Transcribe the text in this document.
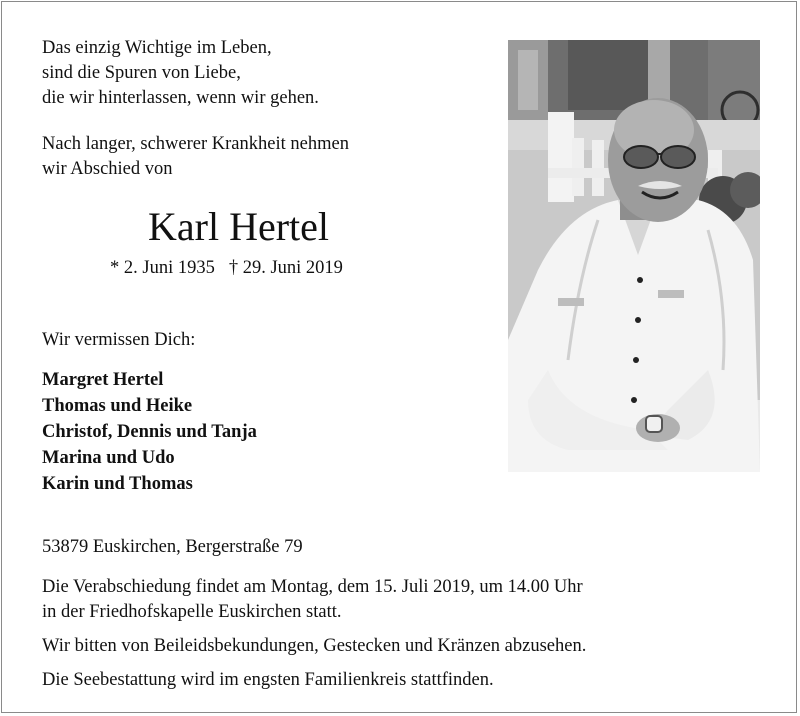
Das einzig Wichtige im Leben,
sind die Spuren von Liebe,
die wir hinterlassen, wenn wir gehen.
Nach langer, schwerer Krankheit nehmen
wir Abschied von
Karl Hertel
* 2. Juni 1935 † 29. Juni 2019
Wir vermissen Dich:
Margret Hertel
Thomas und Heike
Christof, Dennis und Tanja
Marina und Udo
Karin und Thomas
53879 Euskirchen, Bergerstraße 79
Die Verabschiedung findet am Montag, dem 15. Juli 2019, um 14.00 Uhr
in der Friedhofskapelle Euskirchen statt.
Wir bitten von Beileidsbekundungen, Gestecken und Kränzen abzusehen.
Die Seebestattung wird im engsten Familienkreis stattfinden.
